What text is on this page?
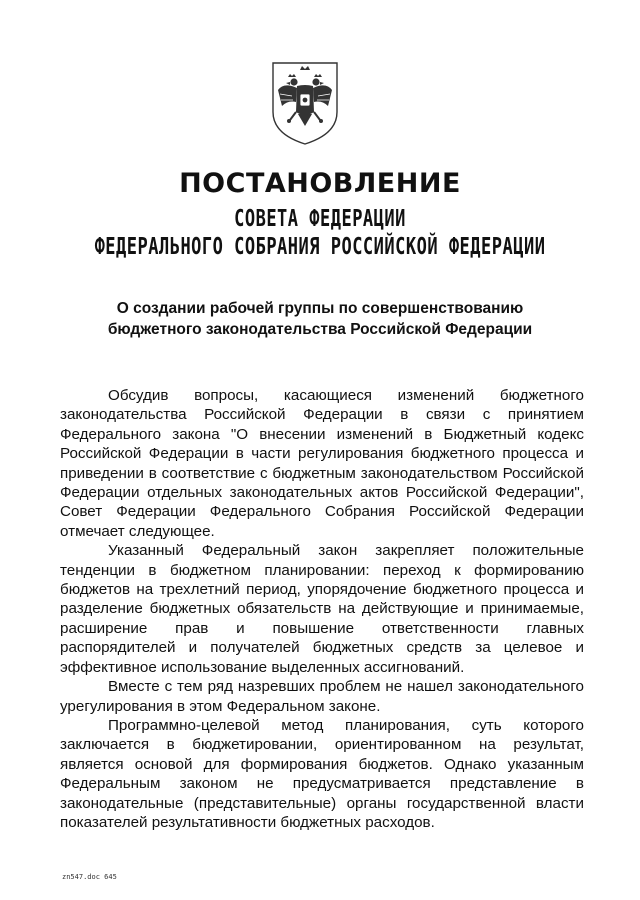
ПОСТАНОВЛЕНИЕ
СОВЕТА ФЕДЕРАЦИИ
ФЕДЕРАЛЬНОГО СОБРАНИЯ РОССИЙСКОЙ ФЕДЕРАЦИИ
О создании рабочей группы по совершенствованию
бюджетного законодательства Российской Федерации

Обсудив вопросы, касающиеся изменений бюджетного законодательства Российской Федерации в связи с принятием Федерального закона "О внесении изменений в Бюджетный кодекс Российской Федерации в части регулирования бюджетного процесса и приведении в соответствие с бюджетным законодательством Российской Федерации отдельных законодательных актов Российской Федерации", Совет Федерации Федерального Собрания Российской Федерации отмечает следующее.

Указанный Федеральный закон закрепляет положительные тенденции в бюджетном планировании: переход к формированию бюджетов на трехлетний период, упорядочение бюджетного процесса и разделение бюджетных обязательств на действующие и принимаемые, расширение прав и повышение ответственности главных распорядителей и получателей бюджетных средств за целевое и эффективное использование выделенных ассигнований.

Вместе с тем ряд назревших проблем не нашел законодательного урегулирования в этом Федеральном законе.

Программно-целевой метод планирования, суть которого заключается в бюджетировании, ориентированном на результат, является основой для формирования бюджетов. Однако указанным Федеральным законом не предусматривается представление в законодательные (представительные) органы государственной власти показателей результативности бюджетных расходов.

zn547.doc 645
